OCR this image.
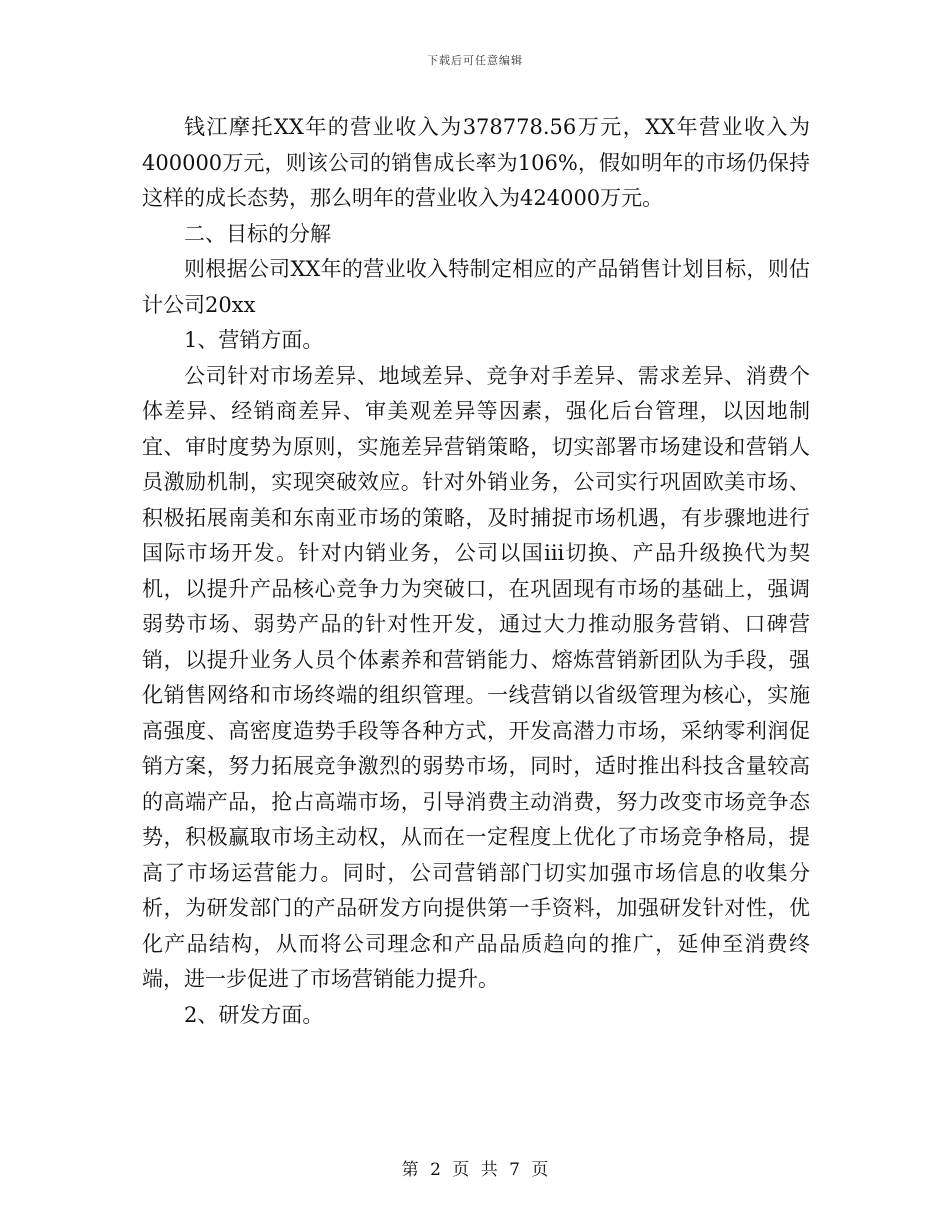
下载后可任意编辑

钱江摩托XX年的营业收入为378778.56万元，XX年营业收入为400000万元，则该公司的销售成长率为106%，假如明年的市场仍保持这样的成长态势，那么明年的营业收入为424000万元。

二、目标的分解

则根据公司XX年的营业收入特制定相应的产品销售计划目标，则估计公司20xx

1、营销方面。

公司针对市场差异、地域差异、竞争对手差异、需求差异、消费个体差异、经销商差异、审美观差异等因素，强化后台管理，以因地制宜、审时度势为原则，实施差异营销策略，切实部署市场建设和营销人员激励机制，实现突破效应。针对外销业务，公司实行巩固欧美市场、积极拓展南美和东南亚市场的策略，及时捕捉市场机遇，有步骤地进行国际市场开发。针对内销业务，公司以国iii切换、产品升级换代为契机，以提升产品核心竞争力为突破口，在巩固现有市场的基础上，强调弱势市场、弱势产品的针对性开发，通过大力推动服务营销、口碑营销，以提升业务人员个体素养和营销能力、熔炼营销新团队为手段，强化销售网络和市场终端的组织管理。一线营销以省级管理为核心，实施高强度、高密度造势手段等各种方式，开发高潜力市场，采纳零利润促销方案，努力拓展竞争激烈的弱势市场，同时，适时推出科技含量较高的高端产品，抢占高端市场，引导消费主动消费，努力改变市场竞争态势，积极赢取市场主动权，从而在一定程度上优化了市场竞争格局，提高了市场运营能力。同时，公司营销部门切实加强市场信息的收集分析，为研发部门的产品研发方向提供第一手资料，加强研发针对性，优化产品结构，从而将公司理念和产品品质趋向的推广，延伸至消费终端，进一步促进了市场营销能力提升。

2、研发方面。

第 2 页 共 7 页
